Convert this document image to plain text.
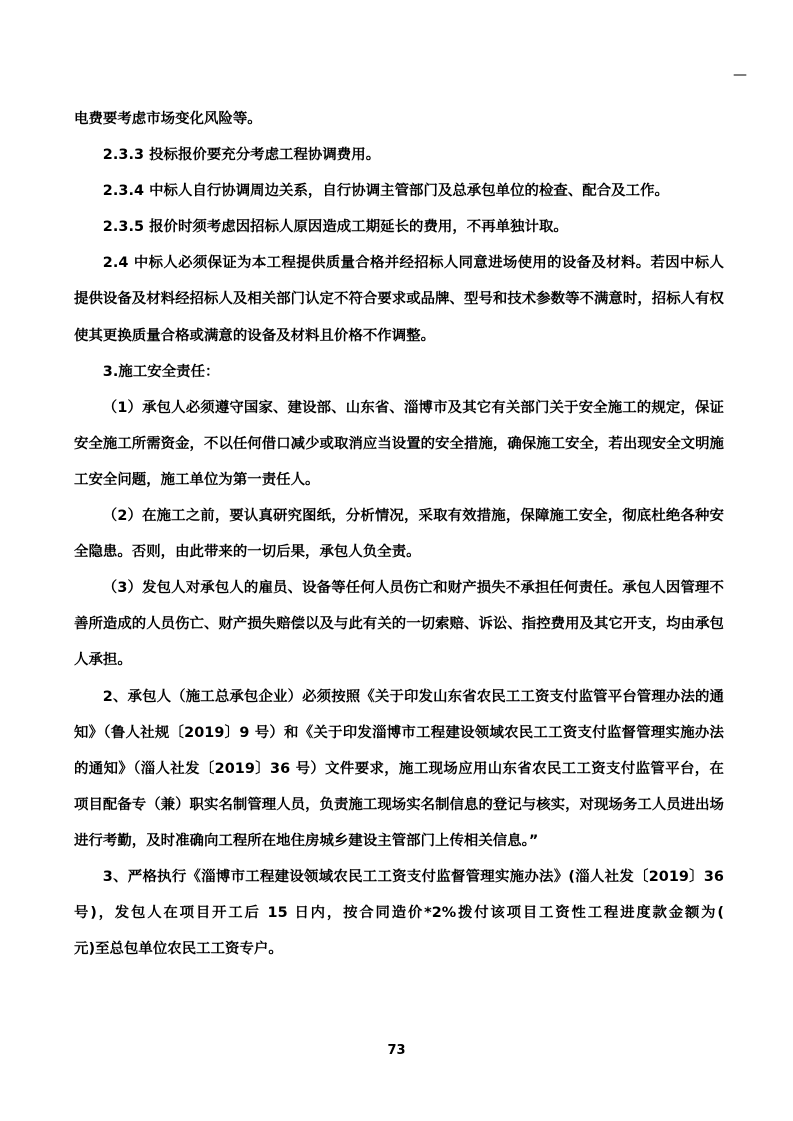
—

电费要考虑市场变化风险等。

2.3.3 投标报价要充分考虑工程协调费用。

2.3.4 中标人自行协调周边关系，自行协调主管部门及总承包单位的检查、配合及工作。

2.3.5 报价时须考虑因招标人原因造成工期延长的费用，不再单独计取。

2.4 中标人必须保证为本工程提供质量合格并经招标人同意进场使用的设备及材料。若因中标人提供设备及材料经招标人及相关部门认定不符合要求或品牌、型号和技术参数等不满意时，招标人有权使其更换质量合格或满意的设备及材料且价格不作调整。

3.施工安全责任：

（1）承包人必须遵守国家、建设部、山东省、淄博市及其它有关部门关于安全施工的规定，保证安全施工所需资金，不以任何借口减少或取消应当设置的安全措施，确保施工安全，若出现安全文明施工安全问题，施工单位为第一责任人。

（2）在施工之前，要认真研究图纸，分析情况，采取有效措施，保障施工安全，彻底杜绝各种安全隐患。否则，由此带来的一切后果，承包人负全责。

（3）发包人对承包人的雇员、设备等任何人员伤亡和财产损失不承担任何责任。承包人因管理不善所造成的人员伤亡、财产损失赔偿以及与此有关的一切索赔、诉讼、指控费用及其它开支，均由承包人承担。

2、承包人（施工总承包企业）必须按照《关于印发山东省农民工工资支付监管平台管理办法的通知》（鲁人社规〔2019〕9 号）和《关于印发淄博市工程建设领域农民工工资支付监督管理实施办法的通知》（淄人社发〔2019〕36 号）文件要求，施工现场应用山东省农民工工资支付监管平台，在项目配备专（兼）职实名制管理人员，负责施工现场实名制信息的登记与核实，对现场务工人员进出场进行考勤，及时准确向工程所在地住房城乡建设主管部门上传相关信息。”

3、严格执行《淄博市工程建设领域农民工工资支付监督管理实施办法》(淄人社发〔2019〕36 号)，发包人在项目开工后 15 日内，按合同造价*2%拨付该项目工资性工程进度款金额为(　　　　元)至总包单位农民工工资专户。

73
